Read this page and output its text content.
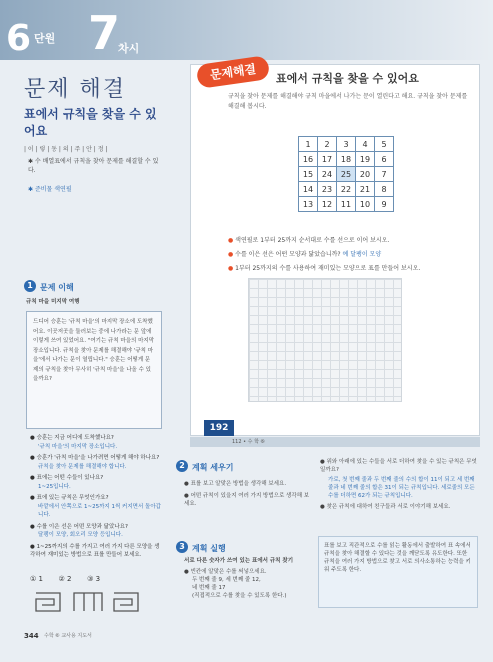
6 단원 7
차시
문제 해결
표에서 규칙을 찾을 수 있어요
| 이 | 렇 | 동 | 의 | 주 | 안 | 정 |
✱ 수 배열표에서 규칙을 찾아 문제를 해결할 수 있다.
✱ 준비물 색연필
1 문제 이해
규칙 마을 미지막 여행

드디어 승훈는 '규칙 마을'의 마지막 장소에 도착했어요. 이곳저곳을 둘러보는 중에 나가라는 문 앞에 이렇게 쓰여 있었어요. "여기는 규칙 마을의 마지막 장소입니다. 규칙을 찾아 문제를 해결해야 '규칙 마을'에서 나가는 문이 열립니다." 승훈는 어떻게 문제의 규칙을 찾아 무사히 '규칙 마을'을 나올 수 있을까요?

● 승훈는 지금 어디에 도착했나요?
'규칙 마을'의 마지막 장소입니다.
● 승훈가 '규칙 마을'을 나가려면 어떻게 해야 하나요?
규칙을 찾아 문제를 해결해야 합니다.
● 표에는 어떤 수들이 있나요?
1~25입니다.
● 표에 있는 규칙은 무엇인가요?
바깥에서 안쪽으로 1~25까지 1씩 커지면서 돌아갑니다.
● 수를 이은 선은 어떤 모양과 닮았나요?
달팽이 모양, 회오리 모양 등입니다.
● 1~25까지의 수를 가지고 여러 가지 다른 모양을 생각하여 재미있는 방법으로 표를 만들어 보세요.
① 1 ② 2 ③ 3
344 수학 ⑥ 교사용 지도서
문제해결	표에서 규칙을 찾을 수 있어요
규칙을 찾아 문제를 해결해야 규칙 마을에서 나가는 문이 열린다고 해요. 규칙을 찾아 문제를 해결해 봅시다.
1	2	3	4	5
16	17	18	19	6
15	24	25	20	7
14	23	22	21	8
13	12	11	10	9
● 색연필로 1부터 25까지 순서대로 수를 선으로 이어 보시오.
● 수를 이은 선은 어떤 모양과 닮았습니까? 예 달팽이 모양
● 1부터 25까지의 수를 사용하여 재미있는 모양으로 표를 만들어 보시오.
192
112 • 수 학 ⑥
2 계획 세우기
● 표를 보고 알맞은 방법을 생각해 보세요.
● 어떤 규칙이 있을지 여러 가지 방법으로 생각해 보세요.
3 계획 실행
서로 다른 숫자가 쓰여 있는 표에서 규칙 찾기
● 빈칸에 알맞은 수를 써넣으세요.
두 번째 줄 9, 세 번째 줄 12,
네 번째 줄 17
(직접적으로 수를 찾을 수 있도록 한다.)
● 위와 아래에 있는 수들을 서로 더하여 찾을 수 있는 규칙은 무엇일까요?
가로, 첫 번째 줄과 두 번째 줄의 수의 합이 11이 되고 세 번째 줄과 네 번째 줄의 합은 31이 되는 규칙입니다. 세로줄의 모든 수를 더하면 62가 되는 규칙입니다.
● 찾은 규칙에 대하여 친구들과 서로 이야기해 보세요.

표를 보고 직관적으로 수를 읽는 활동에서 출발하여 표 속에서 규칙을 찾아 해결할 수 있다는 것을 깨닫도록 유도한다. 또한 규칙을 여러 가지 방법으로 찾고 서로 의사소통하는 능력을 키워 주도록 한다.
